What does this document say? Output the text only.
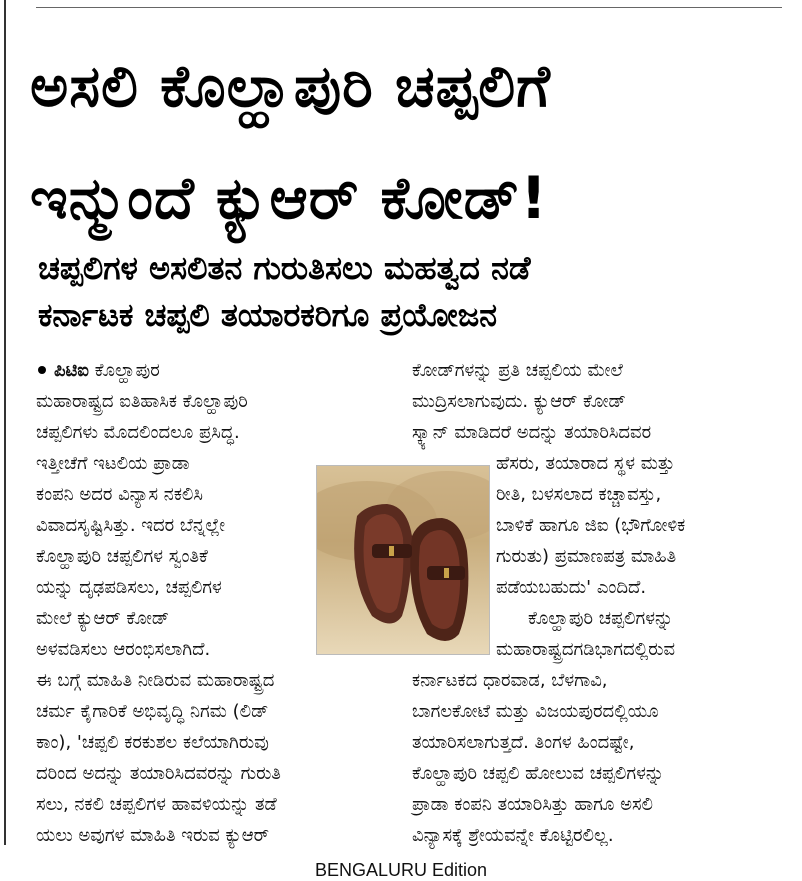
ಅಸಲಿ ಕೊಲ್ಹಾಪುರಿ ಚಪ್ಪಲಿಗೆ
ಇನ್ಮುಂದೆ ಕ್ಯುಆರ್ ಕೋಡ್!
ಚಪ್ಪಲಿಗಳ ಅಸಲಿತನ ಗುರುತಿಸಲು ಮಹತ್ವದ ನಡೆ
ಕರ್ನಾಟಕ ಚಪ್ಪಲಿ ತಯಾರಕರಿಗೂ ಪ್ರಯೋಜನ

ಪಿಟಿಐ ಕೊಲ್ಹಾಪುರ

ಮಹಾರಾಷ್ಟ್ರದ ಐತಿಹಾಸಿಕ ಕೊಲ್ಹಾಪುರಿ

ಚಪ್ಪಲಿಗಳು ಮೊದಲಿಂದಲೂ ಪ್ರಸಿದ್ಧ.

ಇತ್ತೀಚೆಗೆ ಇಟಲಿಯ ಪ್ರಾಡಾ

ಕಂಪನಿ ಅದರ ವಿನ್ಯಾಸ ನಕಲಿಸಿ

ವಿವಾದಸೃಷ್ಟಿಸಿತ್ತು. ಇದರ ಬೆನ್ನಲ್ಲೇ

ಕೊಲ್ಹಾಪುರಿ ಚಪ್ಪಲಿಗಳ ಸ್ವಂತಿಕೆ

ಯನ್ನು ದೃಢಪಡಿಸಲು, ಚಪ್ಪಲಿಗಳ

ಮೇಲೆ ಕ್ಯುಆರ್ ಕೋಡ್

ಅಳವಡಿಸಲು ಆರಂಭಿಸಲಾಗಿದೆ.

ಈ ಬಗ್ಗೆ ಮಾಹಿತಿ ನೀಡಿರುವ ಮಹಾರಾಷ್ಟ್ರದ

ಚರ್ಮ ಕೈಗಾರಿಕೆ ಅಭಿವೃದ್ಧಿ ನಿಗಮ (ಲಿಡ್

ಕಾಂ), 'ಚಪ್ಪಲಿ ಕರಕುಶಲ ಕಲೆಯಾಗಿರುವು

ದರಿಂದ ಅದನ್ನು ತಯಾರಿಸಿದವರನ್ನು ಗುರುತಿ

ಸಲು, ನಕಲಿ ಚಪ್ಪಲಿಗಳ ಹಾವಳಿಯನ್ನು ತಡೆ

ಯಲು ಅವುಗಳ ಮಾಹಿತಿ ಇರುವ ಕ್ಯುಆರ್

ಕೋಡ್‌ಗಳನ್ನು ಪ್ರತಿ ಚಪ್ಪಲಿಯ ಮೇಲೆ

ಮುದ್ರಿಸಲಾಗುವುದು. ಕ್ಯುಆರ್ ಕೋಡ್

ಸ್ಕ್ಯಾನ್ ಮಾಡಿದರೆ ಅದನ್ನು ತಯಾರಿಸಿದವರ

ಹೆಸರು, ತಯಾರಾದ ಸ್ಥಳ ಮತ್ತು

ರೀತಿ, ಬಳಸಲಾದ ಕಚ್ಚಾವಸ್ತು,

ಬಾಳಿಕೆ ಹಾಗೂ ಜಿಐ (ಭೌಗೋಳಿಕ

ಗುರುತು) ಪ್ರಮಾಣಪತ್ರ ಮಾಹಿತಿ

ಪಡೆಯಬಹುದು' ಎಂದಿದೆ.

ಕೊಲ್ಹಾಪುರಿ ಚಪ್ಪಲಿಗಳನ್ನು

ಮಹಾರಾಷ್ಟ್ರದಗಡಿಭಾಗದಲ್ಲಿರುವ

ಕರ್ನಾಟಕದ ಧಾರವಾಡ, ಬೆಳಗಾವಿ,

ಬಾಗಲಕೋಟೆ ಮತ್ತು ವಿಜಯಪುರದಲ್ಲಿಯೂ

ತಯಾರಿಸಲಾಗುತ್ತದೆ. ತಿಂಗಳ ಹಿಂದಷ್ಟೇ,

ಕೊಲ್ಹಾಪುರಿ ಚಪ್ಪಲಿ ಹೋಲುವ ಚಪ್ಪಲಿಗಳನ್ನು

ಪ್ರಾಡಾ ಕಂಪನಿ ತಯಾರಿಸಿತ್ತು ಹಾಗೂ ಅಸಲಿ

ವಿನ್ಯಾಸಕ್ಕೆ ಶ್ರೇಯವನ್ನೇ ಕೊಟ್ಟಿರಲಿಲ್ಲ.

BENGALURU Edition
